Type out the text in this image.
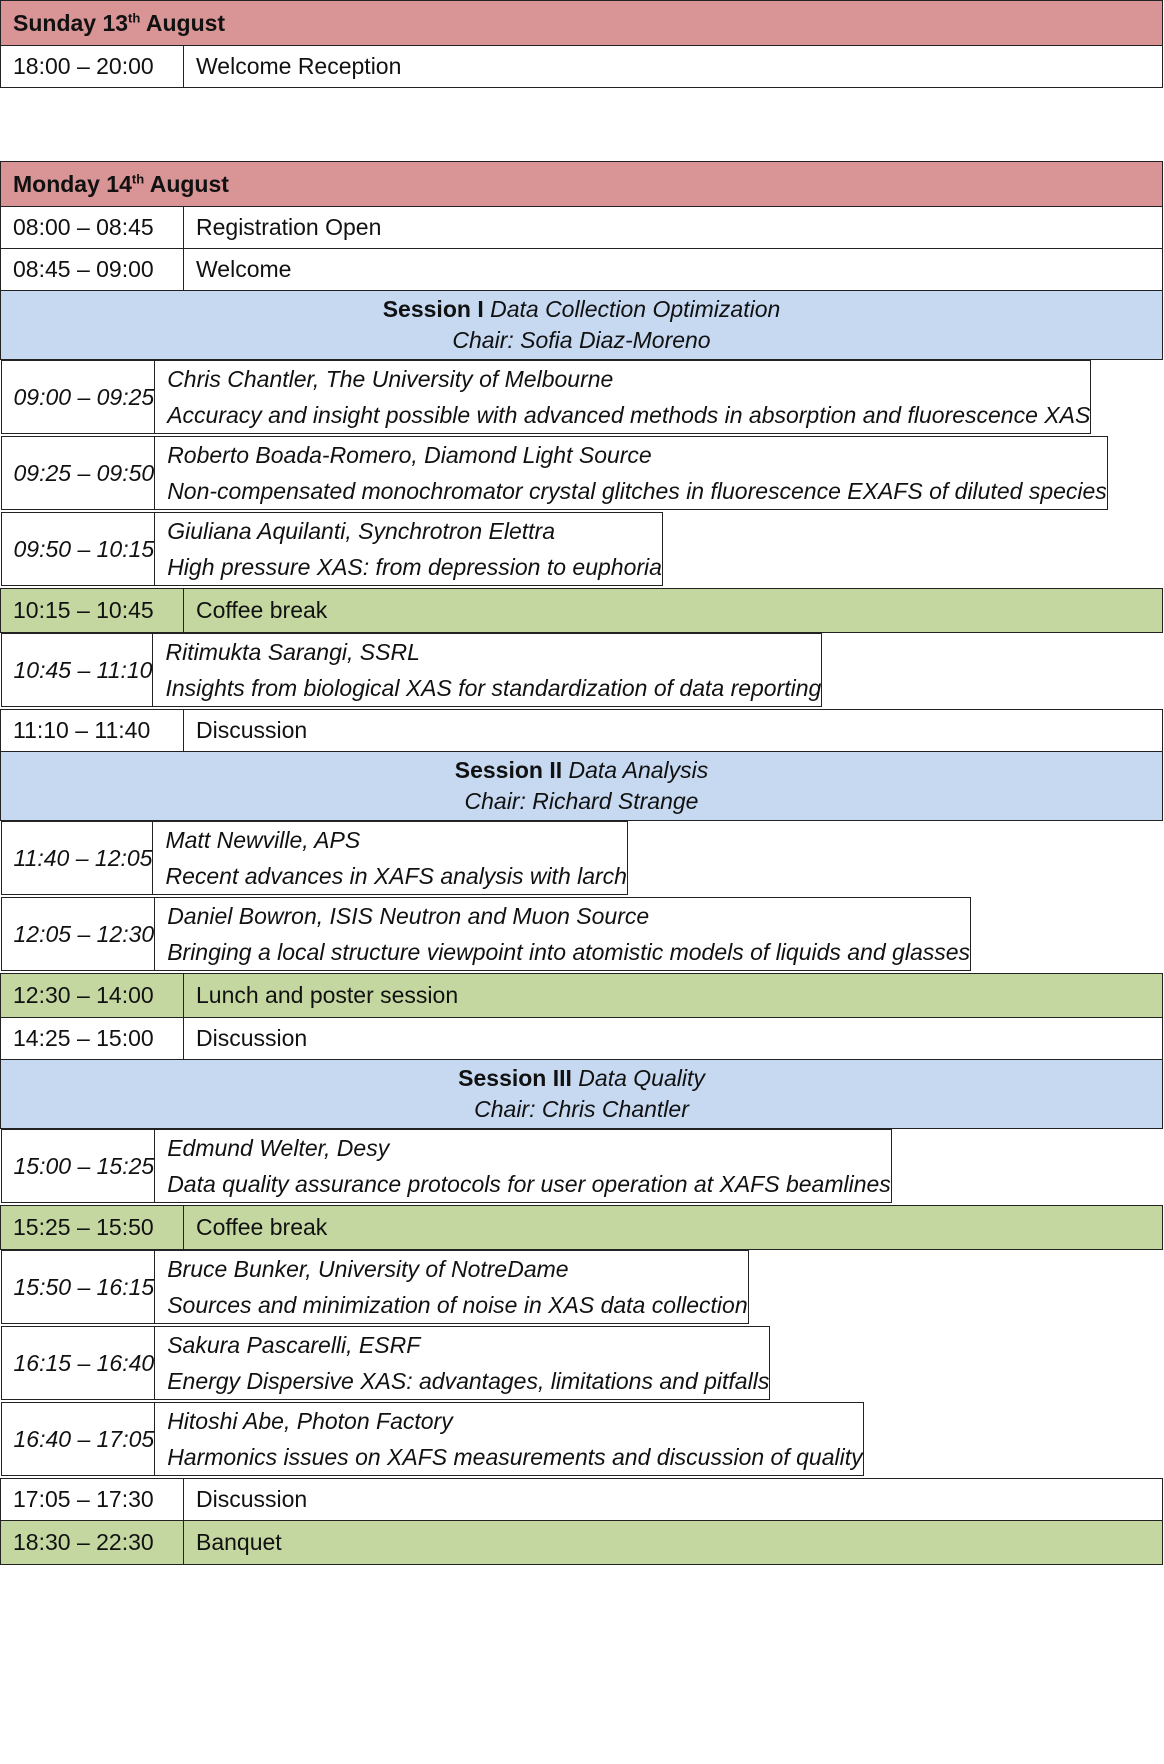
Sunday 13th August
18:00 – 20:00	Welcome Reception
Monday 14th August
08:00 – 08:45	Registration Open
08:45 – 09:00	Welcome
Session I Data Collection Optimization
Chair: Sofia Diaz-Moreno

09:00 – 09:25	Chris Chantler, The University of Melbourne
Accuracy and insight possible with advanced methods in absorption and fluorescence XAS
09:25 – 09:50	Roberto Boada-Romero, Diamond Light Source
Non-compensated monochromator crystal glitches in fluorescence EXAFS of diluted species
09:50 – 10:15	Giuliana Aquilanti, Synchrotron Elettra
High pressure XAS: from depression to euphoria
10:15 – 10:45	Coffee break

10:45 – 11:10	Ritimukta Sarangi, SSRL
Insights from biological XAS for standardization of data reporting
11:10 – 11:40	Discussion
Session II Data Analysis
Chair: Richard Strange

11:40 – 12:05	Matt Newville, APS
Recent advances in XAFS analysis with larch
12:05 – 12:30	Daniel Bowron, ISIS Neutron and Muon Source
Bringing a local structure viewpoint into atomistic models of liquids and glasses
12:30 – 14:00	Lunch and poster session
14:25 – 15:00	Discussion
Session III Data Quality
Chair: Chris Chantler

15:00 – 15:25	Edmund Welter, Desy
Data quality assurance protocols for user operation at XAFS beamlines
15:25 – 15:50	Coffee break

15:50 – 16:15	Bruce Bunker, University of NotreDame
Sources and minimization of noise in XAS data collection
16:15 – 16:40	Sakura Pascarelli, ESRF
Energy Dispersive XAS: advantages, limitations and pitfalls
16:40 – 17:05	Hitoshi Abe, Photon Factory
Harmonics issues on XAFS measurements and discussion of quality
17:05 – 17:30	Discussion
18:30 – 22:30	Banquet
